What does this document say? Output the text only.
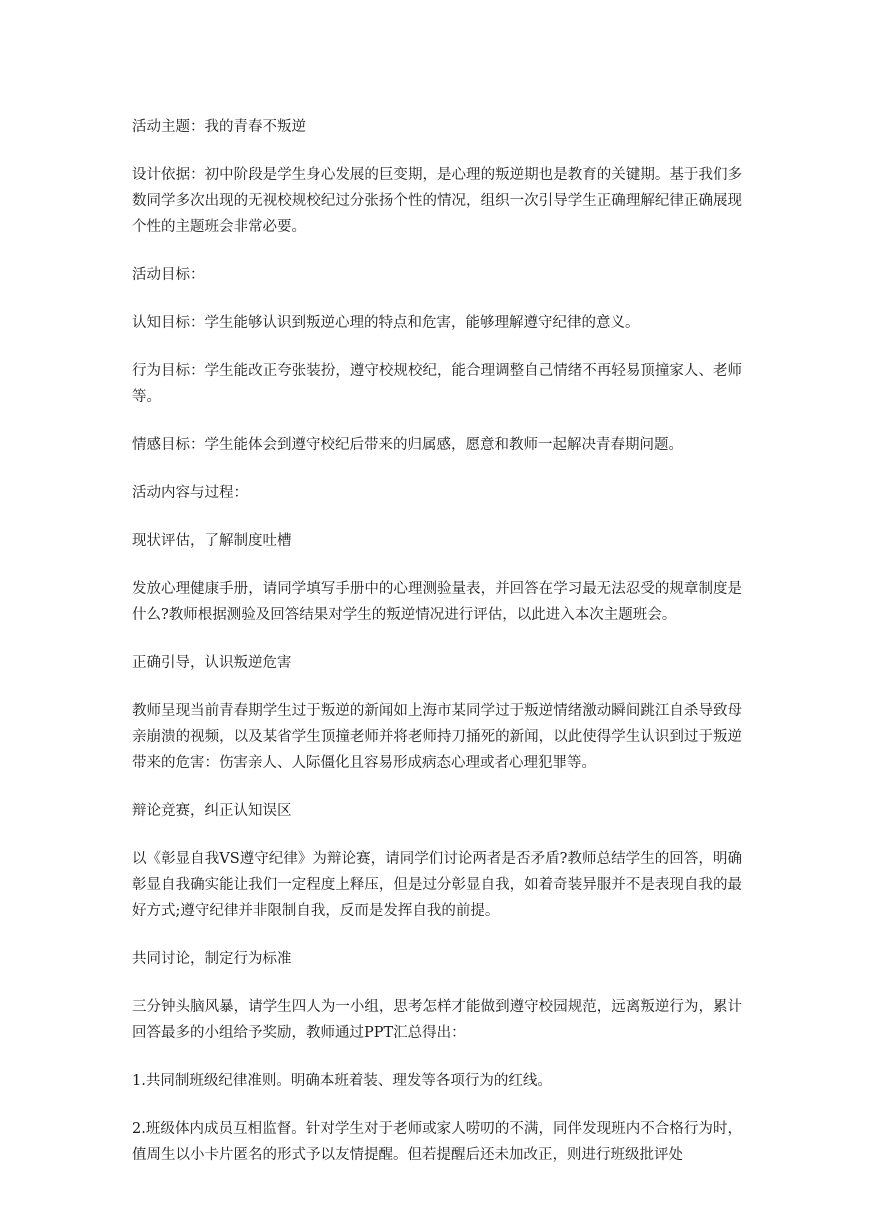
活动主题：我的青春不叛逆

设计依据：初中阶段是学生身心发展的巨变期，是心理的叛逆期也是教育的关键期。基于我们多数同学多次出现的无视校规校纪过分张扬个性的情况，组织一次引导学生正确理解纪律正确展现个性的主题班会非常必要。

活动目标：

认知目标：学生能够认识到叛逆心理的特点和危害，能够理解遵守纪律的意义。

行为目标：学生能改正夸张装扮，遵守校规校纪，能合理调整自己情绪不再轻易顶撞家人、老师等。

情感目标：学生能体会到遵守校纪后带来的归属感，愿意和教师一起解决青春期问题。

活动内容与过程：

现状评估，了解制度吐槽

发放心理健康手册，请同学填写手册中的心理测验量表，并回答在学习最无法忍受的规章制度是什么?教师根据测验及回答结果对学生的叛逆情况进行评估，以此进入本次主题班会。

正确引导，认识叛逆危害

教师呈现当前青春期学生过于叛逆的新闻如上海市某同学过于叛逆情绪激动瞬间跳江自杀导致母亲崩溃的视频，以及某省学生顶撞老师并将老师持刀捅死的新闻，以此使得学生认识到过于叛逆带来的危害：伤害亲人、人际僵化且容易形成病态心理或者心理犯罪等。

辩论竞赛，纠正认知误区

以《彰显自我VS遵守纪律》为辩论赛，请同学们讨论两者是否矛盾?教师总结学生的回答，明确彰显自我确实能让我们一定程度上释压，但是过分彰显自我，如着奇装异服并不是表现自我的最好方式;遵守纪律并非限制自我，反而是发挥自我的前提。

共同讨论，制定行为标准

三分钟头脑风暴，请学生四人为一小组，思考怎样才能做到遵守校园规范，远离叛逆行为，累计回答最多的小组给予奖励，教师通过PPT汇总得出：

1.共同制班级纪律准则。明确本班着装、理发等各项行为的红线。

2.班级体内成员互相监督。针对学生对于老师或家人唠叨的不满，同伴发现班内不合格行为时，值周生以小卡片匿名的形式予以友情提醒。但若提醒后还未加改正，则进行班级批评处
